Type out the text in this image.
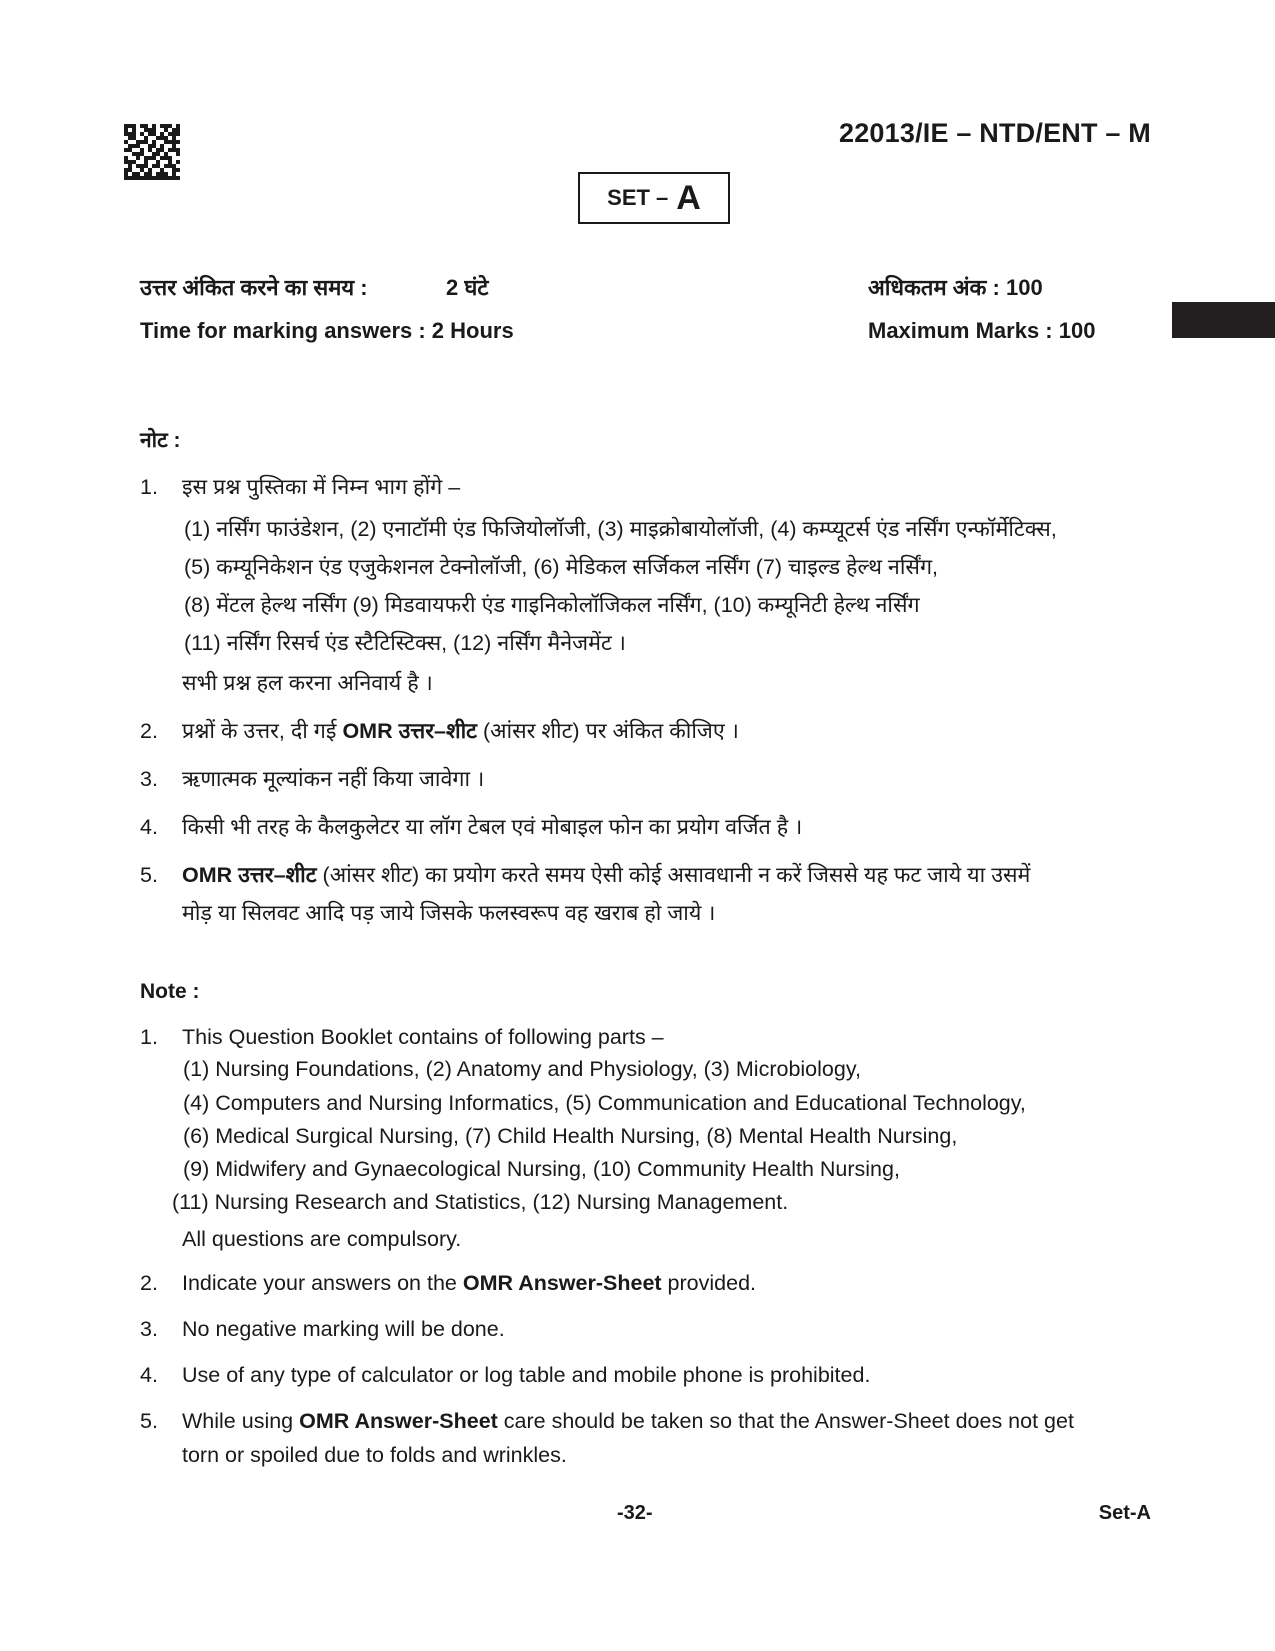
22013/IE – NTD/ENT – M
SET – A
उत्तर अंकित करने का समय :	2 घंटे	अधिकतम अंक : 100
Time for marking answers : 2 Hours	Maximum Marks : 100
नोट :
1.	इस प्रश्न पुस्तिका में निम्न भाग होंगे –
(1) नर्सिंग फाउंडेशन, (2) एनाटॉमी एंड फिजियोलॉजी, (3) माइक्रोबायोलॉजी, (4) कम्प्यूटर्स एंड नर्सिंग एन्फॉर्मेटिक्स,
(5) कम्यूनिकेशन एंड एजुकेशनल टेक्नोलॉजी, (6) मेडिकल सर्जिकल नर्सिंग (7) चाइल्ड हेल्थ नर्सिंग,
(8) मेंटल हेल्थ नर्सिंग (9) मिडवायफरी एंड गाइनिकोलॉजिकल नर्सिंग, (10) कम्यूनिटी हेल्थ नर्सिंग
(11) नर्सिंग रिसर्च एंड स्टैटिस्टिक्स, (12) नर्सिंग मैनेजमेंट ।
सभी प्रश्न हल करना अनिवार्य है ।
2.	प्रश्नों के उत्तर, दी गई OMR उत्तर–शीट (आंसर शीट) पर अंकित कीजिए ।
3.	ऋणात्मक मूल्यांकन नहीं किया जावेगा ।
4.	किसी भी तरह के कैलकुलेटर या लॉग टेबल एवं मोबाइल फोन का प्रयोग वर्जित है ।
5.	OMR उत्तर–शीट (आंसर शीट) का प्रयोग करते समय ऐसी कोई असावधानी न करें जिससे यह फट जाये या उसमें
मोड़ या सिलवट आदि पड़ जाये जिसके फलस्वरूप वह खराब हो जाये ।
Note :
1.	This Question Booklet contains of following parts –
(1) Nursing Foundations, (2) Anatomy and Physiology, (3) Microbiology,
(4) Computers and Nursing Informatics, (5) Communication and Educational Technology,
(6) Medical Surgical Nursing, (7) Child Health Nursing, (8) Mental Health Nursing,
(9) Midwifery and Gynaecological Nursing, (10) Community Health Nursing,
(11) Nursing Research and Statistics, (12) Nursing Management.
All questions are compulsory.
2.	Indicate your answers on the OMR Answer-Sheet provided.
3.	No negative marking will be done.
4.	Use of any type of calculator or log table and mobile phone is prohibited.
5.	While using OMR Answer-Sheet care should be taken so that the Answer-Sheet does not get
torn or spoiled due to folds and wrinkles.
-32-	Set-A
